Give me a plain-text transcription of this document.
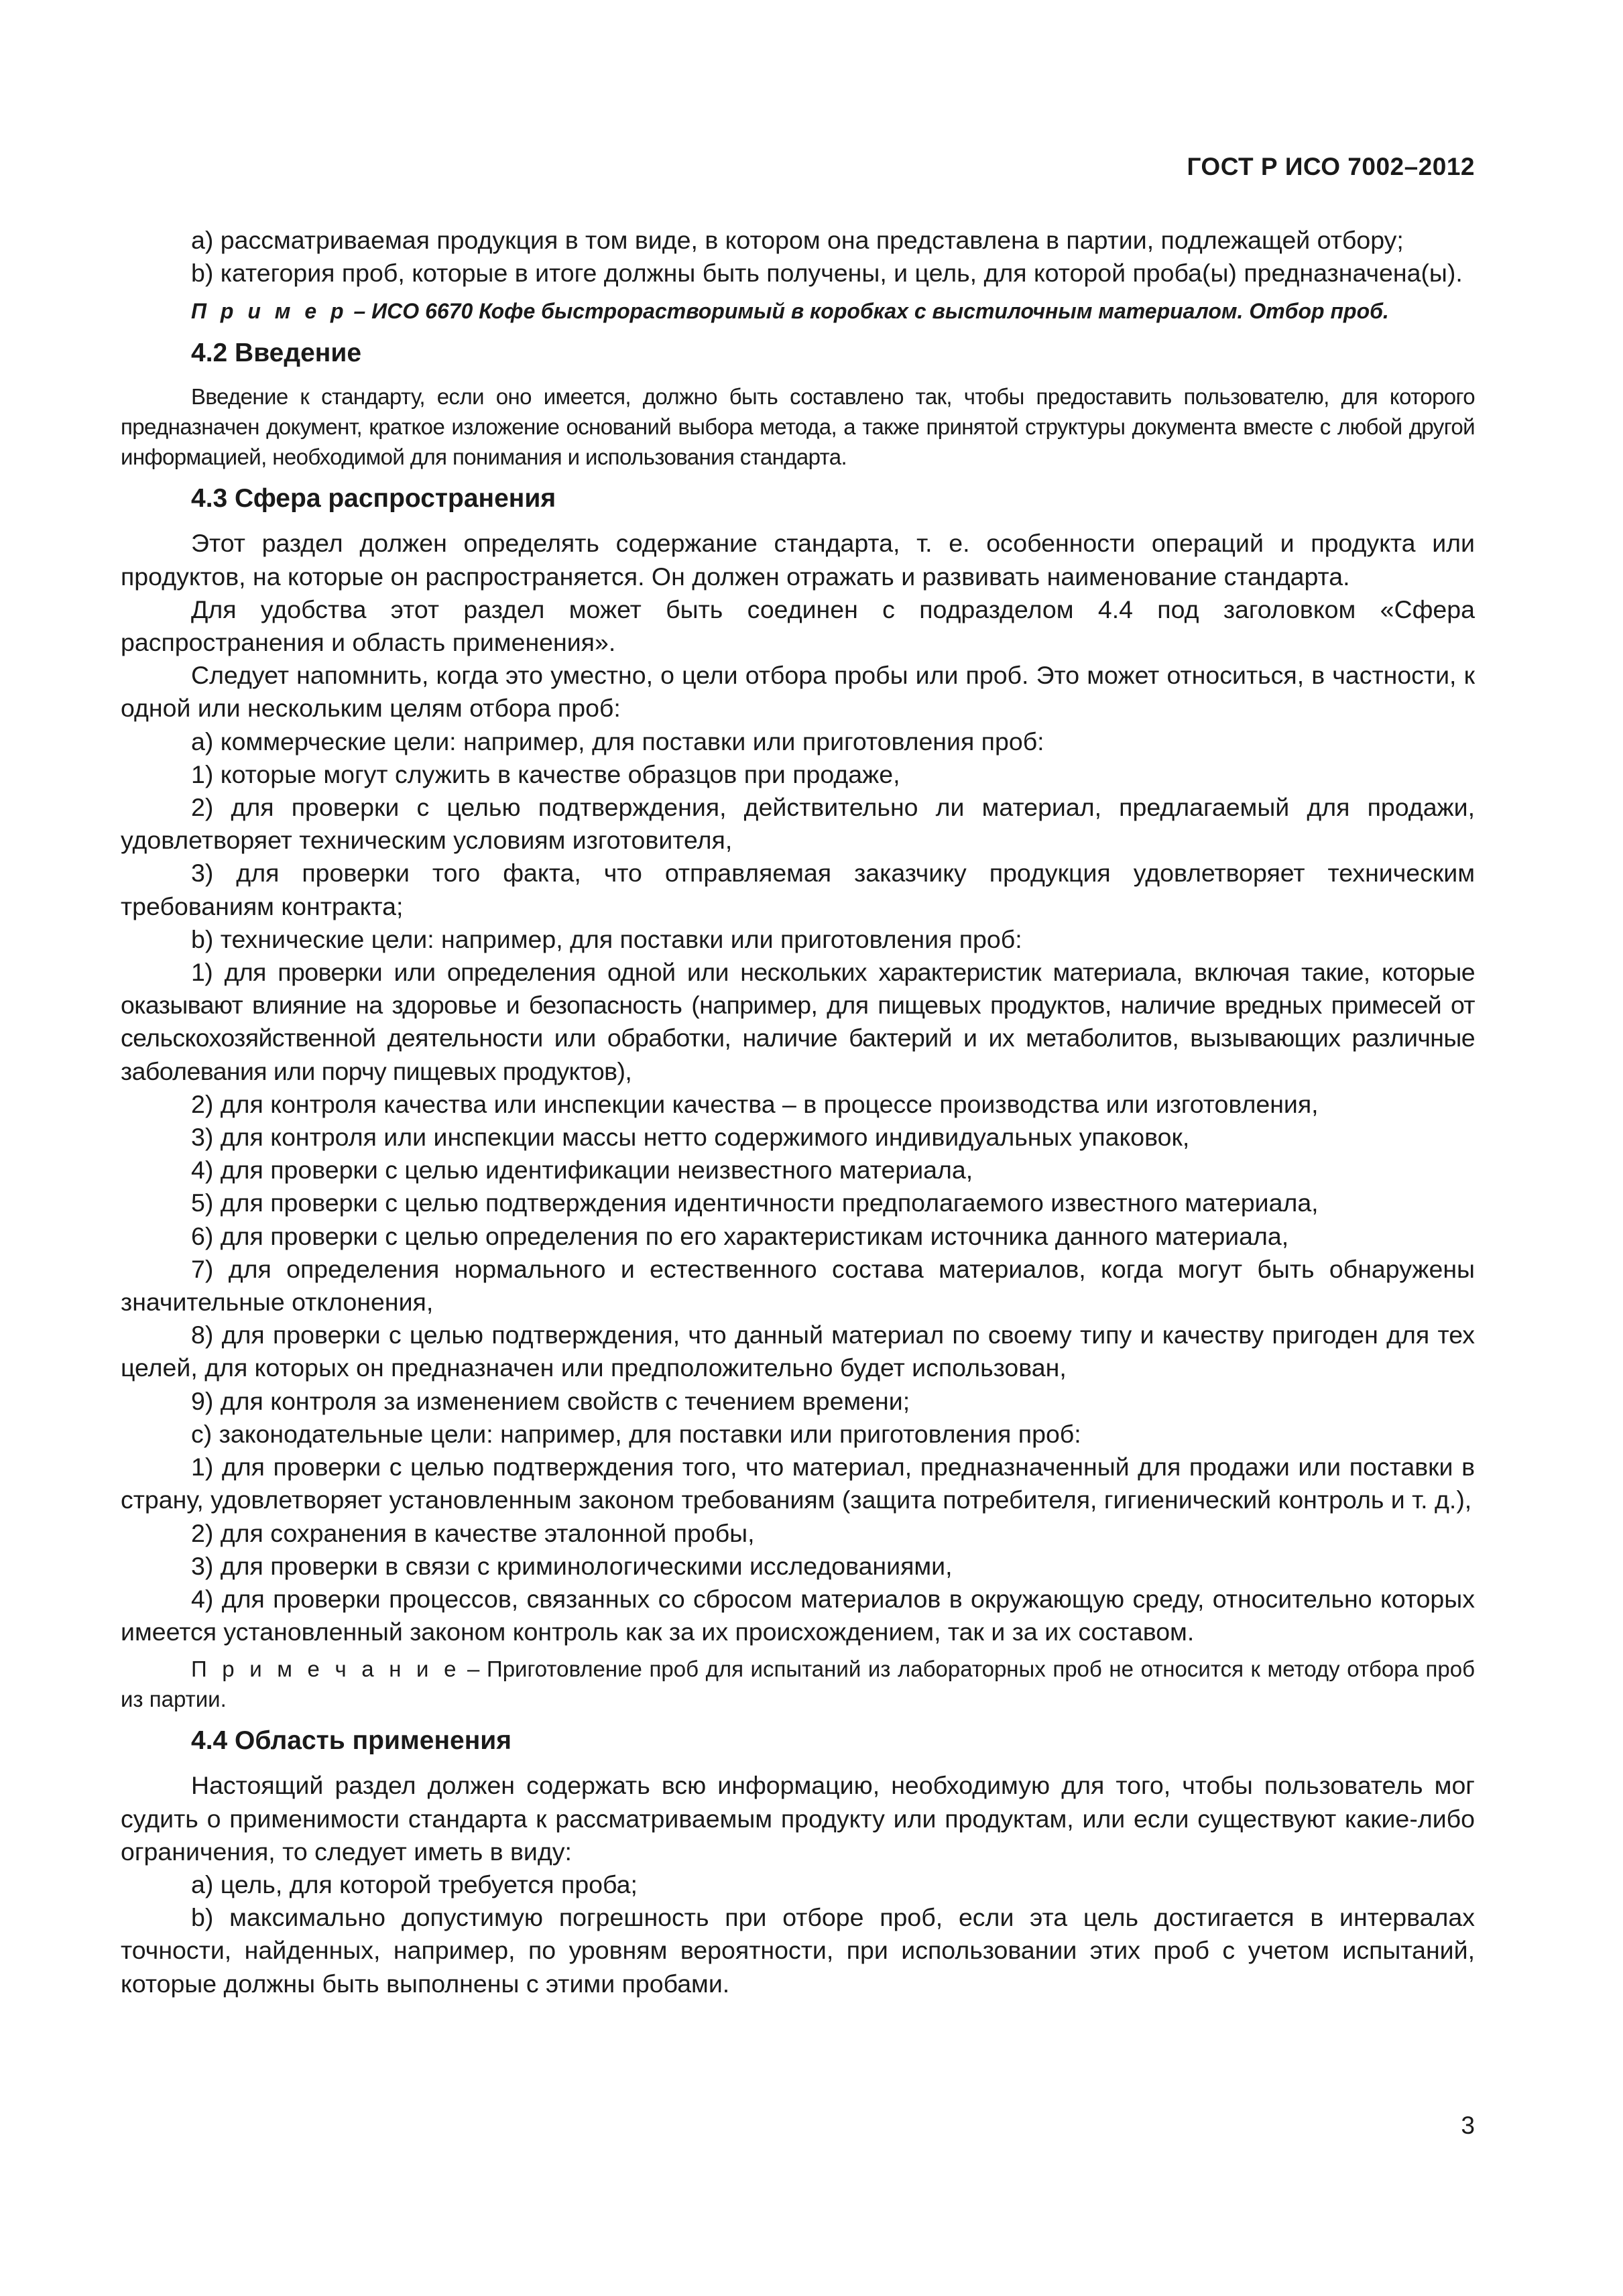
ГОСТ Р ИСО 7002–2012

a) рассматриваемая продукция в том виде, в котором она представлена в партии, подлежащей отбору;

b) категория проб, которые в итоге должны быть получены, и цель, для которой проба(ы) предназначена(ы).

П р и м е р – ИСО 6670 Кофе быстрорастворимый в коробках с выстилочным материалом. Отбор проб.

4.2 Введение

Введение к стандарту, если оно имеется, должно быть составлено так, чтобы предоставить пользователю, для которого предназначен документ, краткое изложение оснований выбора метода, а также принятой структуры документа вместе с любой другой информацией, необходимой для понимания и использования стандарта.

4.3 Сфера распространения

Этот раздел должен определять содержание стандарта, т. е. особенности операций и продукта или продуктов, на которые он распространяется. Он должен отражать и развивать наименование стандарта.

Для удобства этот раздел может быть соединен с подразделом 4.4 под заголовком «Сфера распространения и область применения».

Следует напомнить, когда это уместно, о цели отбора пробы или проб. Это может относиться, в частности, к одной или нескольким целям отбора проб:

a) коммерческие цели: например, для поставки или приготовления проб:

1) которые могут служить в качестве образцов при продаже,

2) для проверки с целью подтверждения, действительно ли материал, предлагаемый для продажи, удовлетворяет техническим условиям изготовителя,

3) для проверки того факта, что отправляемая заказчику продукция удовлетворяет техническим требованиям контракта;

b) технические цели: например, для поставки или приготовления проб:

1) для проверки или определения одной или нескольких характеристик материала, включая такие, которые оказывают влияние на здоровье и безопасность (например, для пищевых продуктов, наличие вредных примесей от сельскохозяйственной деятельности или обработки, наличие бактерий и их метаболитов, вызывающих различные заболевания или порчу пищевых продуктов),

2) для контроля качества или инспекции качества – в процессе производства или изготовления,

3) для контроля или инспекции массы нетто содержимого индивидуальных упаковок,

4) для проверки с целью идентификации неизвестного материала,

5) для проверки с целью подтверждения идентичности предполагаемого известного материала,

6) для проверки с целью определения по его характеристикам источника данного материала,

7) для определения нормального и естественного состава материалов, когда могут быть обнаружены значительные отклонения,

8) для проверки с целью подтверждения, что данный материал по своему типу и качеству пригоден для тех целей, для которых он предназначен или предположительно будет использован,

9) для контроля за изменением свойств с течением времени;

c) законодательные цели: например, для поставки или приготовления проб:

1) для проверки с целью подтверждения того, что материал, предназначенный для продажи или поставки в страну, удовлетворяет установленным законом требованиям (защита потребителя, гигиенический контроль и т. д.),

2) для сохранения в качестве эталонной пробы,

3) для проверки в связи с криминологическими исследованиями,

4) для проверки процессов, связанных со сбросом материалов в окружающую среду, относительно которых имеется установленный законом контроль как за их происхождением, так и за их составом.

П р и м е ч а н и е – Приготовление проб для испытаний из лабораторных проб не относится к методу отбора проб из партии.

4.4 Область применения

Настоящий раздел должен содержать всю информацию, необходимую для того, чтобы пользователь мог судить о применимости стандарта к рассматриваемым продукту или продуктам, или если существуют какие-либо ограничения, то следует иметь в виду:

a) цель, для которой требуется проба;

b) максимально допустимую погрешность при отборе проб, если эта цель достигается в интервалах точности, найденных, например, по уровням вероятности, при использовании этих проб с учетом испытаний, которые должны быть выполнены с этими пробами.

3
